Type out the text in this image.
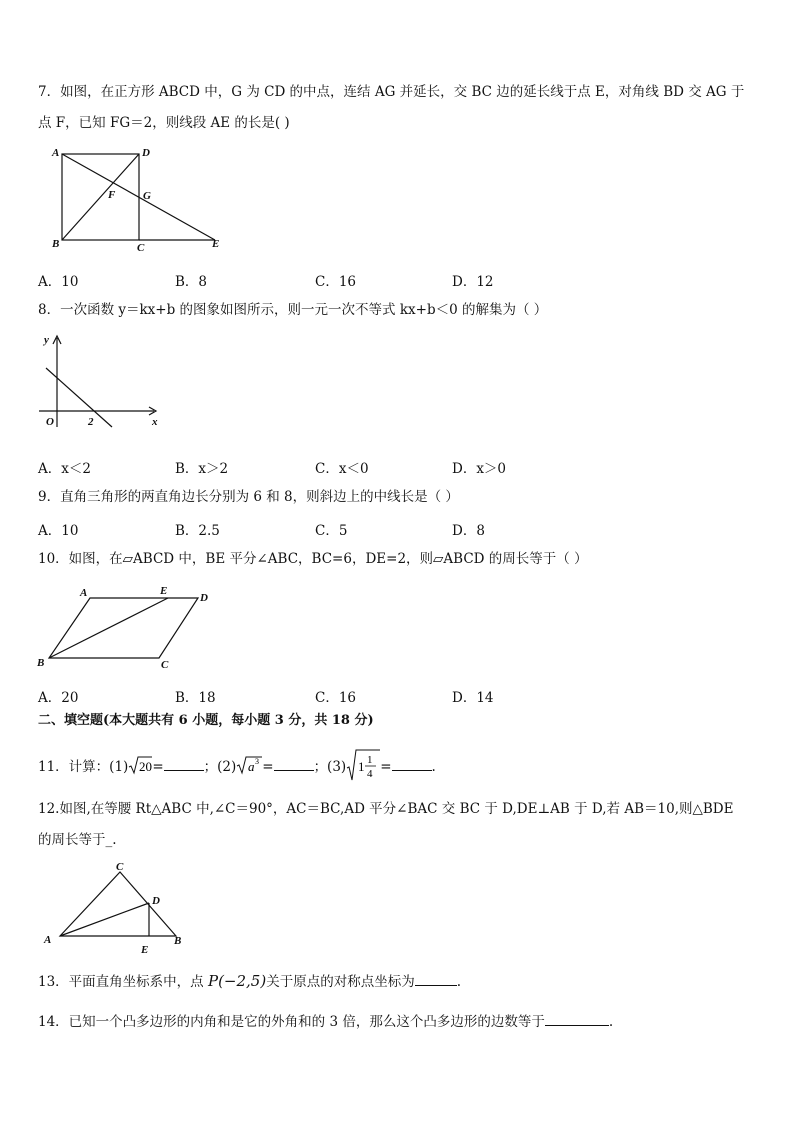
7．如图，在正方形 ABCD 中，G 为 CD 的中点，连结 AG 并延长，交 BC 边的延长线于点 E，对角线 BD 交 AG 于
点 F，已知 FG＝2，则线段 AE 的长是( )
A	D
F	G
B	C	E
A．10	B．8	C．16	D．12
8．一次函数 y＝kx+b 的图象如图所示，则一元一次不等式 kx+b＜0 的解集为（ ）
y
O	2	x
A．x＜2	B．x＞2	C．x＜0	D．x＞0
9．直角三角形的两直角边长分别为 6 和 8，则斜边上的中线长是（ ）
A．10	B．2.5	C．5	D．8
10．如图，在▱ABCD 中，BE 平分∠ABC，BC=6，DE=2，则▱ABCD 的周长等于（ ）
A	E
D
B	C
A．20	B．18	C．16	D．14
二、填空题(本大题共有 6 小题，每小题 3 分，共 18 分)
11．计算：(1) 20 =	；(2) a 3 =	；(3) 1 1
4 =	.
12.如图,在等腰 Rt△ABC 中,∠C＝90°，AC＝BC,AD 平分∠BAC 交 BC 于 D,DE⊥AB 于 D,若 AB＝10,则△BDE
的周长等于_.
C
D
A
E
B
13．平面直角坐标系中，点 P(−2,5)关于原点的对称点坐标为	.
14．已知一个凸多边形的内角和是它的外角和的 3 倍，那么这个凸多边形的边数等于	.
